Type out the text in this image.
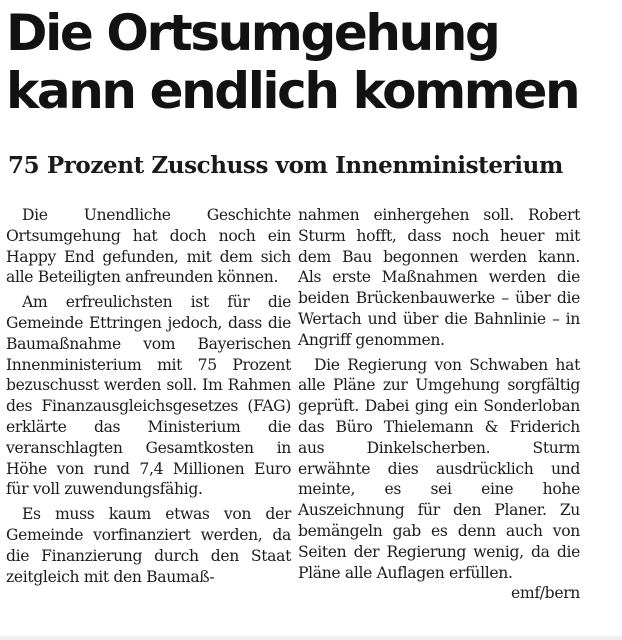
Die Ortsumgehung
kann endlich kommen
75 Prozent Zuschuss vom Innenministerium

Die Unendliche Geschichte Ortsumgehung hat doch noch ein Happy End gefunden, mit dem sich alle Beteiligten anfreunden können.

Am erfreulichsten ist für die Gemeinde Ettringen jedoch, dass die Baumaßnahme vom Bayerischen Innenministerium mit 75 Prozent bezuschusst werden soll. Im Rahmen des Finanzausgleichsgesetzes (FAG) erklärte das Ministerium die veranschlagten Gesamtkosten in Höhe von rund 7,4 Millionen Euro für voll zuwendungsfähig.

Es muss kaum etwas von der Gemeinde vorfinanziert werden, da die Finanzierung durch den Staat zeitgleich mit den Baumaß-

nahmen einhergehen soll. Robert Sturm hofft, dass noch heuer mit dem Bau begonnen werden kann. Als erste Maßnahmen werden die beiden Brückenbauwerke – über die Wertach und über die Bahnlinie – in Angriff genommen.

Die Regierung von Schwaben hat alle Pläne zur Umgehung sorgfältig geprüft. Dabei ging ein Sonderloban das Büro Thielemann & Friderich aus Dinkelscherben. Sturm erwähnte dies ausdrücklich und meinte, es sei eine hohe Auszeichnung für den Planer. Zu bemängeln gab es denn auch von Seiten der Regierung wenig, da die Pläne alle Auflagen erfüllen.
emf/bern
